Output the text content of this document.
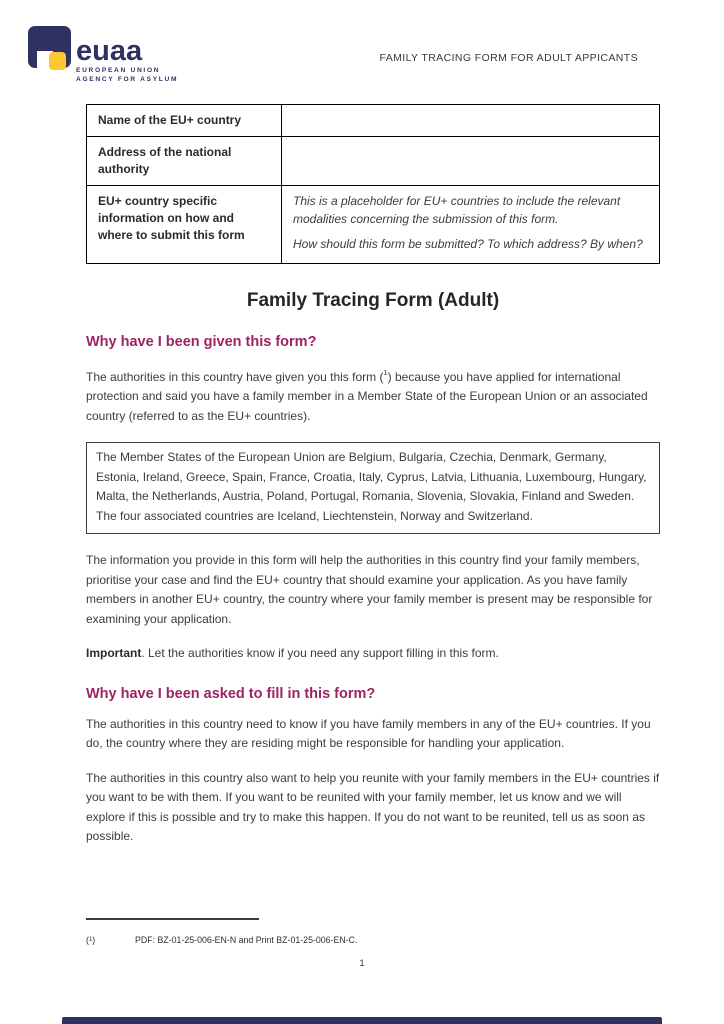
euaa
EUROPEAN UNION
AGENCY FOR ASYLUM
FAMILY TRACING FORM FOR ADULT APPICANTS
Name of the EU+ country	
Address of the national authority	
EU+ country specific information on how and where to submit this form	This is a placeholder for EU+ countries to include the relevant modalities concerning the submission of this form.

How should this form be submitted? To which address? By when?

Family Tracing Form (Adult)
Why have I been given this form?

The authorities in this country have given you this form ($^1$) because you have applied for international protection and said you have a family member in a Member State of the European Union or an associated country (referred to as the EU+ countries).

The Member States of the European Union are Belgium, Bulgaria, Czechia, Denmark, Germany, Estonia, Ireland, Greece, Spain, France, Croatia, Italy, Cyprus, Latvia, Lithuania, Luxembourg, Hungary, Malta, the Netherlands, Austria, Poland, Portugal, Romania, Slovenia, Slovakia, Finland and Sweden. The four associated countries are Iceland, Liechtenstein, Norway and Switzerland.

The information you provide in this form will help the authorities in this country find your family members, prioritise your case and find the EU+ country that should examine your application. As you have family members in another EU+ country, the country where your family member is present may be responsible for examining your application.

Important. Let the authorities know if you need any support filling in this form.

Why have I been asked to fill in this form?

The authorities in this country need to know if you have family members in any of the EU+ countries. If you do, the country where they are residing might be responsible for handling your application.

The authorities in this country also want to help you reunite with your family members in the EU+ countries if you want to be with them. If you want to be reunited with your family member, let us know and we will explore if this is possible and try to make this happen. If you do not want to be reunited, tell us as soon as possible.

($^1$)	PDF: BZ-01-25-006-EN-N and Print BZ-01-25-006-EN-C.
1
